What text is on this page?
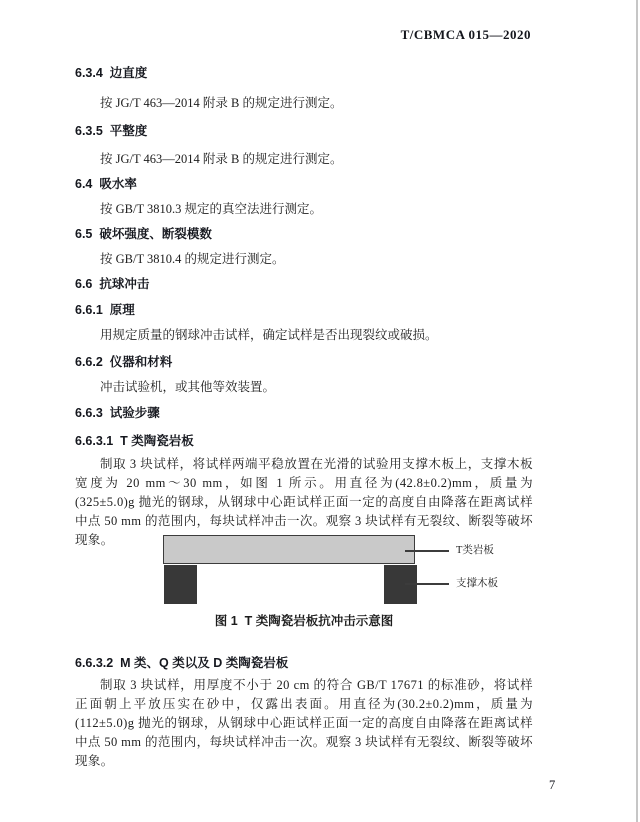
T/CBMCA 015—2020
6.3.4  边直度
按 JG/T 463—2014 附录 B 的规定进行测定。
6.3.5  平整度
按 JG/T 463—2014 附录 B 的规定进行测定。
6.4  吸水率
按 GB/T 3810.3 规定的真空法进行测定。
6.5  破坏强度、断裂模数
按 GB/T 3810.4 的规定进行测定。
6.6  抗球冲击
6.6.1  原理
用规定质量的钢球冲击试样，确定试样是否出现裂纹或破损。
6.6.2  仪器和材料
冲击试验机，或其他等效装置。
6.6.3  试验步骤
6.6.3.1  T 类陶瓷岩板
制取 3 块试样，将试样两端平稳放置在光滑的试验用支撑木板上，支撑木板宽度为 20 mm～30 mm，如图 1 所示。用直径为(42.8±0.2)mm，质量为(325±5.0)g 抛光的钢球，从钢球中心距试样正面一定的高度自由降落在距离试样中点 50 mm 的范围内，每块试样冲击一次。观察 3 块试样有无裂纹、断裂等破坏现象。
T类岩板
支撑木板
图 1  T 类陶瓷岩板抗冲击示意图
6.6.3.2  M 类、Q 类以及 D 类陶瓷岩板
制取 3 块试样，用厚度不小于 20 cm 的符合 GB/T 17671 的标准砂，将试样正面朝上平放压实在砂中，仅露出表面。用直径为(30.2±0.2)mm，质量为(112±5.0)g 抛光的钢球，从钢球中心距试样正面一定的高度自由降落在距离试样中点 50 mm 的范围内，每块试样冲击一次。观察 3 块试样有无裂纹、断裂等破坏现象。
7
